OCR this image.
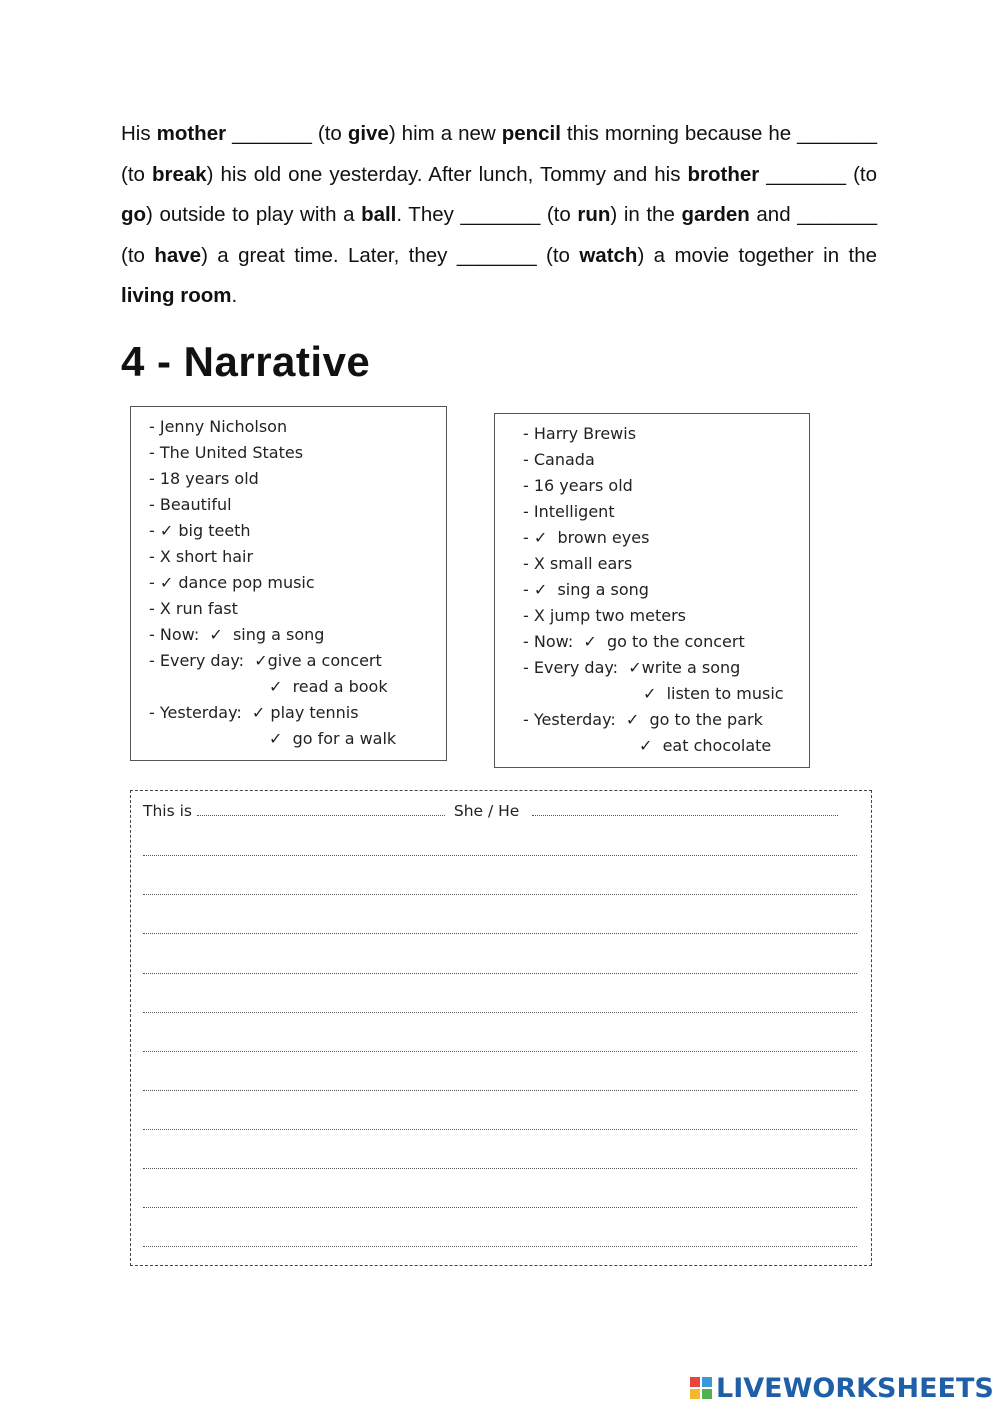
His mother _______ (to give) him a new pencil this morning because he _______ (to break) his old one yesterday. After lunch, Tommy and his brother _______ (to go) outside to play with a ball. They _______ (to run) in the garden and _______ (to have) a great time. Later, they _______ (to watch) a movie together in the living room.

4 - Narrative
- Jenny Nicholson
- The United States
- 18 years old
- Beautiful
- ✓ big teeth
- X short hair
- ✓ dance pop music
- X run fast
- Now:  ✓  sing a song
- Every day:  ✓give a concert
✓  read a book
- Yesterday:  ✓ play tennis
✓  go for a walk
- Harry Brewis
- Canada
- 16 years old
- Intelligent
- ✓  brown eyes
- X small ears
- ✓  sing a song
- X jump two meters
- Now:  ✓  go to the concert
- Every day:  ✓write a song
✓  listen to music
- Yesterday:  ✓  go to the park
✓  eat chocolate
This is	She / He
LIVEWORKSHEETS
